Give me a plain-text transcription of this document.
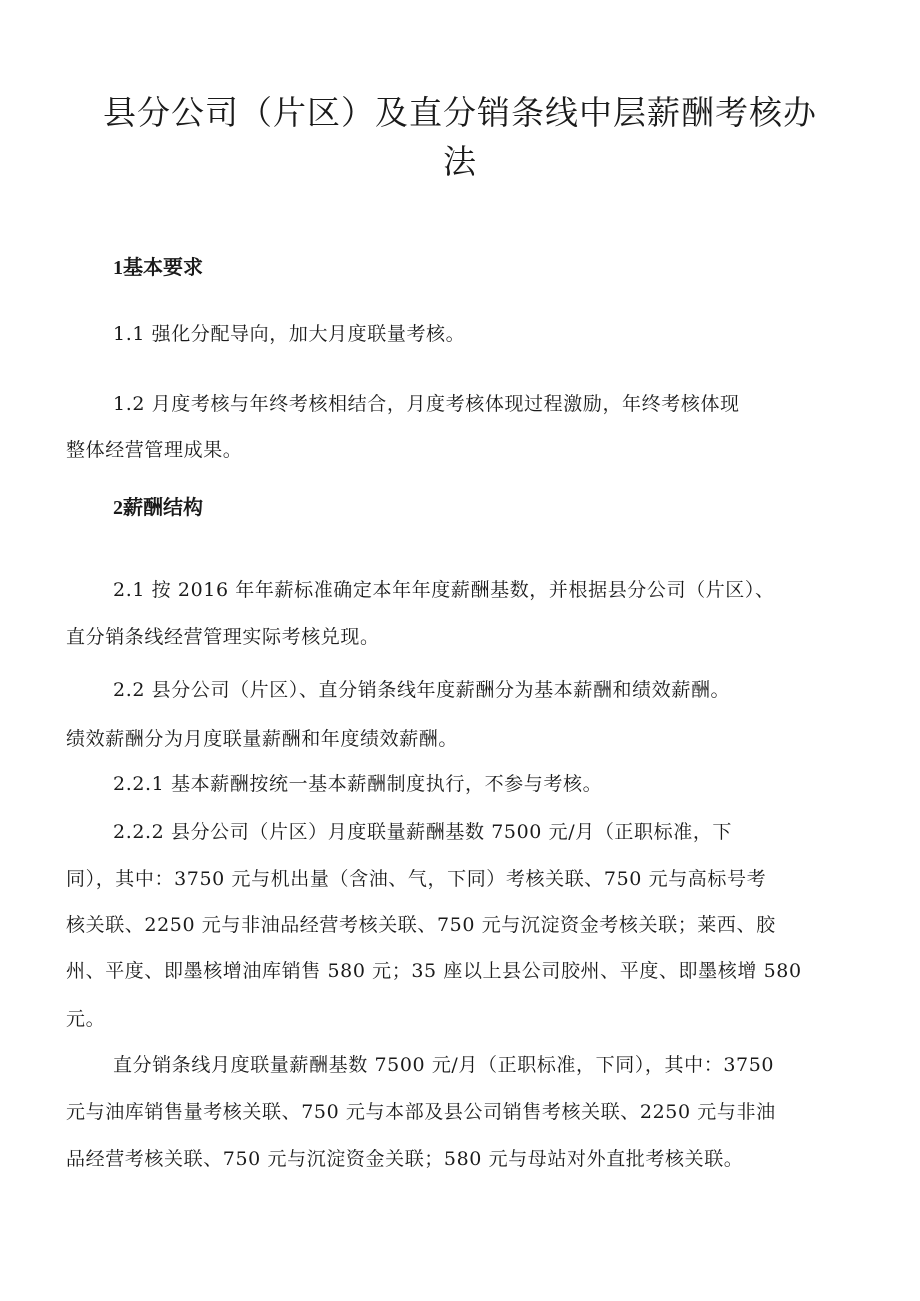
县分公司（片区）及直分销条线中层薪酬考核办
法
1基本要求

1.1 强化分配导向，加大月度联量考核。

1.2 月度考核与年终考核相结合，月度考核体现过程激励，年终考核体现

整体经营管理成果。

2薪酬结构

2.1 按 2016 年年薪标准确定本年年度薪酬基数，并根据县分公司（片区）、

直分销条线经营管理实际考核兑现。

2.2 县分公司（片区）、直分销条线年度薪酬分为基本薪酬和绩效薪酬。

绩效薪酬分为月度联量薪酬和年度绩效薪酬。

2.2.1 基本薪酬按统一基本薪酬制度执行，不参与考核。

2.2.2 县分公司（片区）月度联量薪酬基数 7500 元/月（正职标准，下

同），其中：3750 元与机出量（含油、气，下同）考核关联、750 元与高标号考

核关联、2250 元与非油品经营考核关联、750 元与沉淀资金考核关联；莱西、胶

州、平度、即墨核增油库销售 580 元；35 座以上县公司胶州、平度、即墨核增 580

元。

直分销条线月度联量薪酬基数 7500 元/月（正职标准，下同），其中：3750

元与油库销售量考核关联、750 元与本部及县公司销售考核关联、2250 元与非油

品经营考核关联、750 元与沉淀资金关联；580 元与母站对外直批考核关联。
